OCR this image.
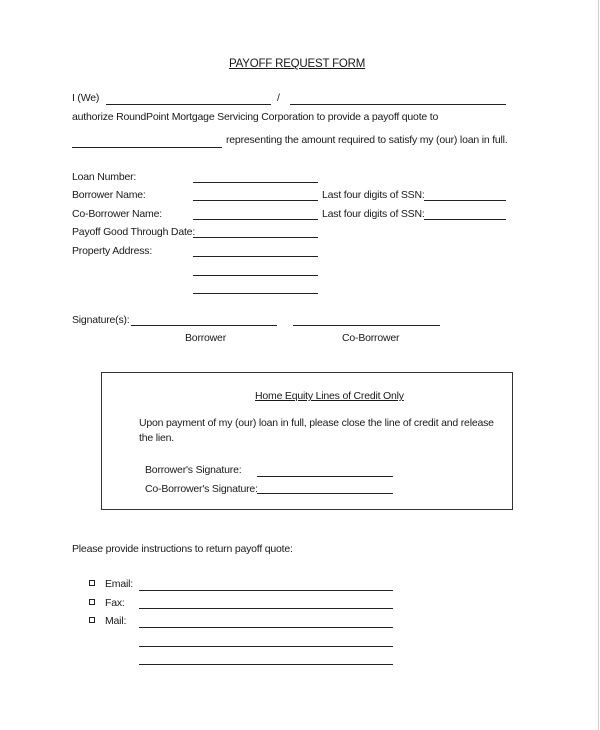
PAYOFF REQUEST FORM
I (We)	/
authorize RoundPoint Mortgage Servicing Corporation to provide a payoff quote to
representing the amount required to satisfy my (our) loan in full.
Loan Number:
Borrower Name:	Last four digits of SSN:
Co-Borrower Name:	Last four digits of SSN:
Payoff Good Through Date:
Property Address:
Signature(s):
Borrower	Co-Borrower
Home Equity Lines of Credit Only
Upon payment of my (our) loan in full, please close the line of credit and release
the lien.
Borrower's Signature:
Co-Borrower's Signature:
Please provide instructions to return payoff quote:
Email:
Fax:
Mail:
